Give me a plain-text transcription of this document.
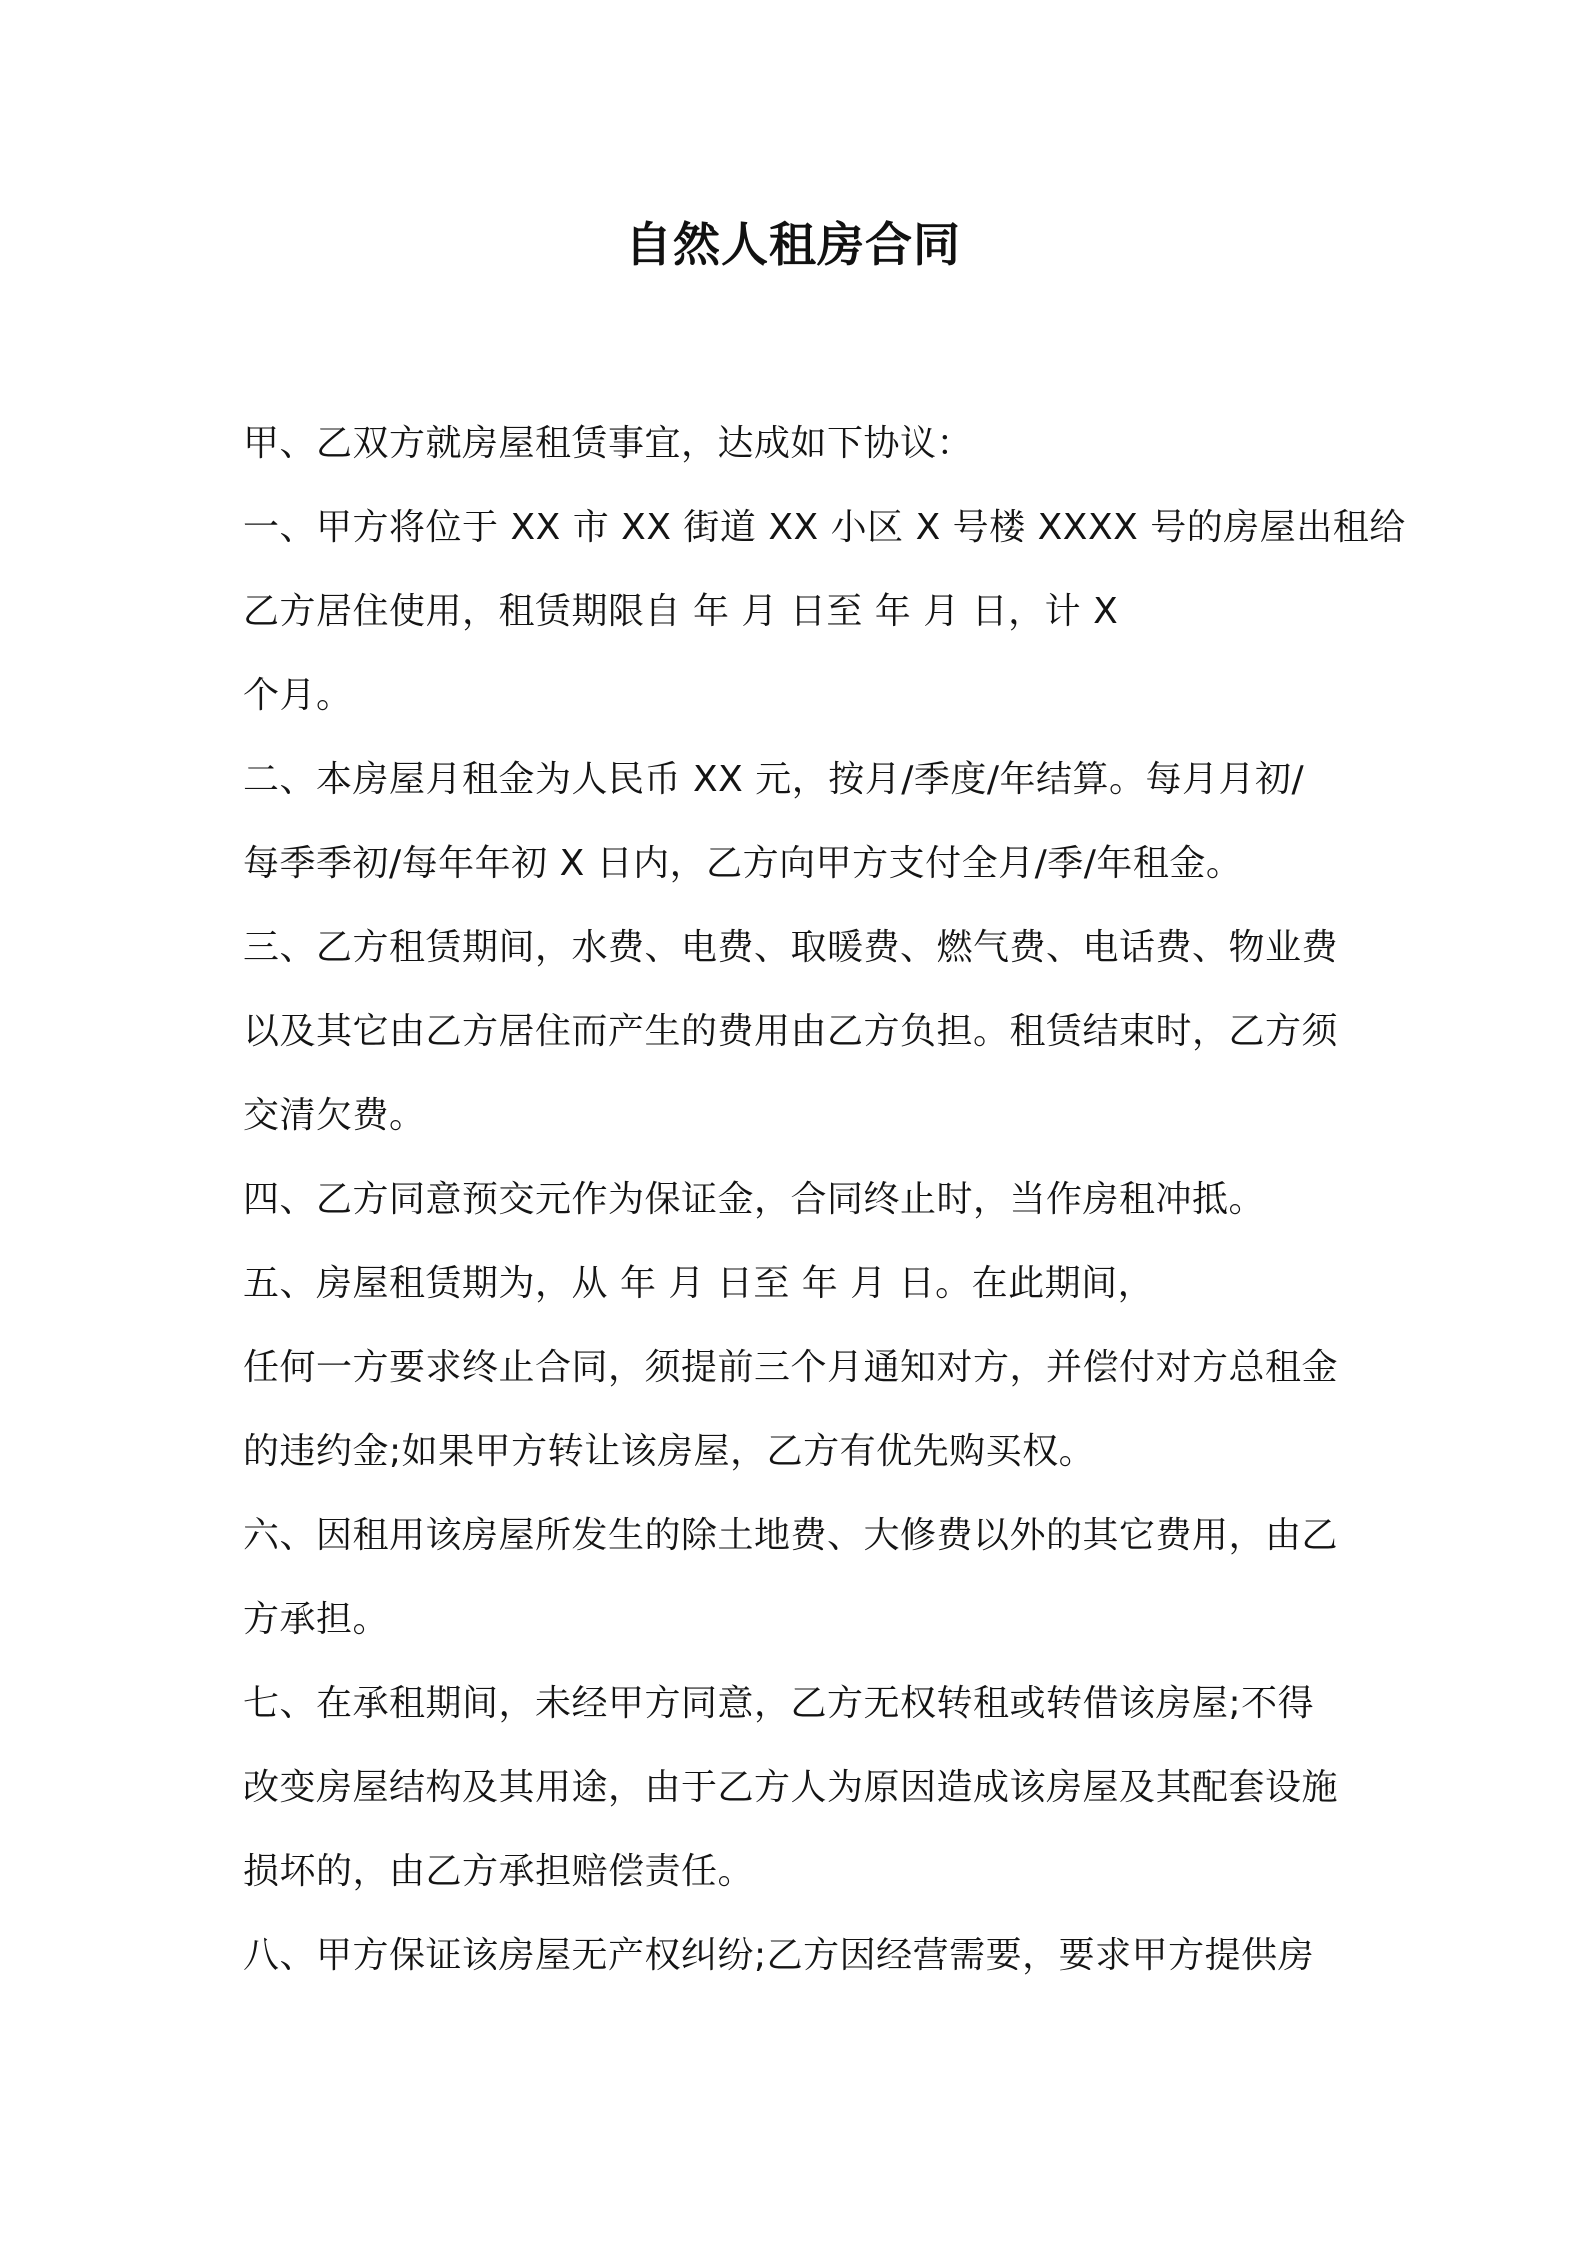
自然人租房合同
甲、乙双方就房屋租赁事宜，达成如下协议：
一、甲方将位于 XX 市 XX 街道 XX 小区 X 号楼 XXXX 号的房屋出租给
乙方居住使用，租赁期限自 年 月 日至 年 月 日，计 X
个月。
二、本房屋月租金为人民币 XX 元，按月/季度/年结算。每月月初/
每季季初/每年年初 X 日内，乙方向甲方支付全月/季/年租金。
三、乙方租赁期间，水费、电费、取暖费、燃气费、电话费、物业费
以及其它由乙方居住而产生的费用由乙方负担。租赁结束时，乙方须
交清欠费。
四、乙方同意预交元作为保证金，合同终止时，当作房租冲抵。
五、房屋租赁期为，从 年 月 日至 年 月 日。在此期间，
任何一方要求终止合同，须提前三个月通知对方，并偿付对方总租金
的违约金;如果甲方转让该房屋，乙方有优先购买权。
六、因租用该房屋所发生的除土地费、大修费以外的其它费用，由乙
方承担。
七、在承租期间，未经甲方同意，乙方无权转租或转借该房屋;不得
改变房屋结构及其用途，由于乙方人为原因造成该房屋及其配套设施
损坏的，由乙方承担赔偿责任。
八、甲方保证该房屋无产权纠纷;乙方因经营需要，要求甲方提供房
